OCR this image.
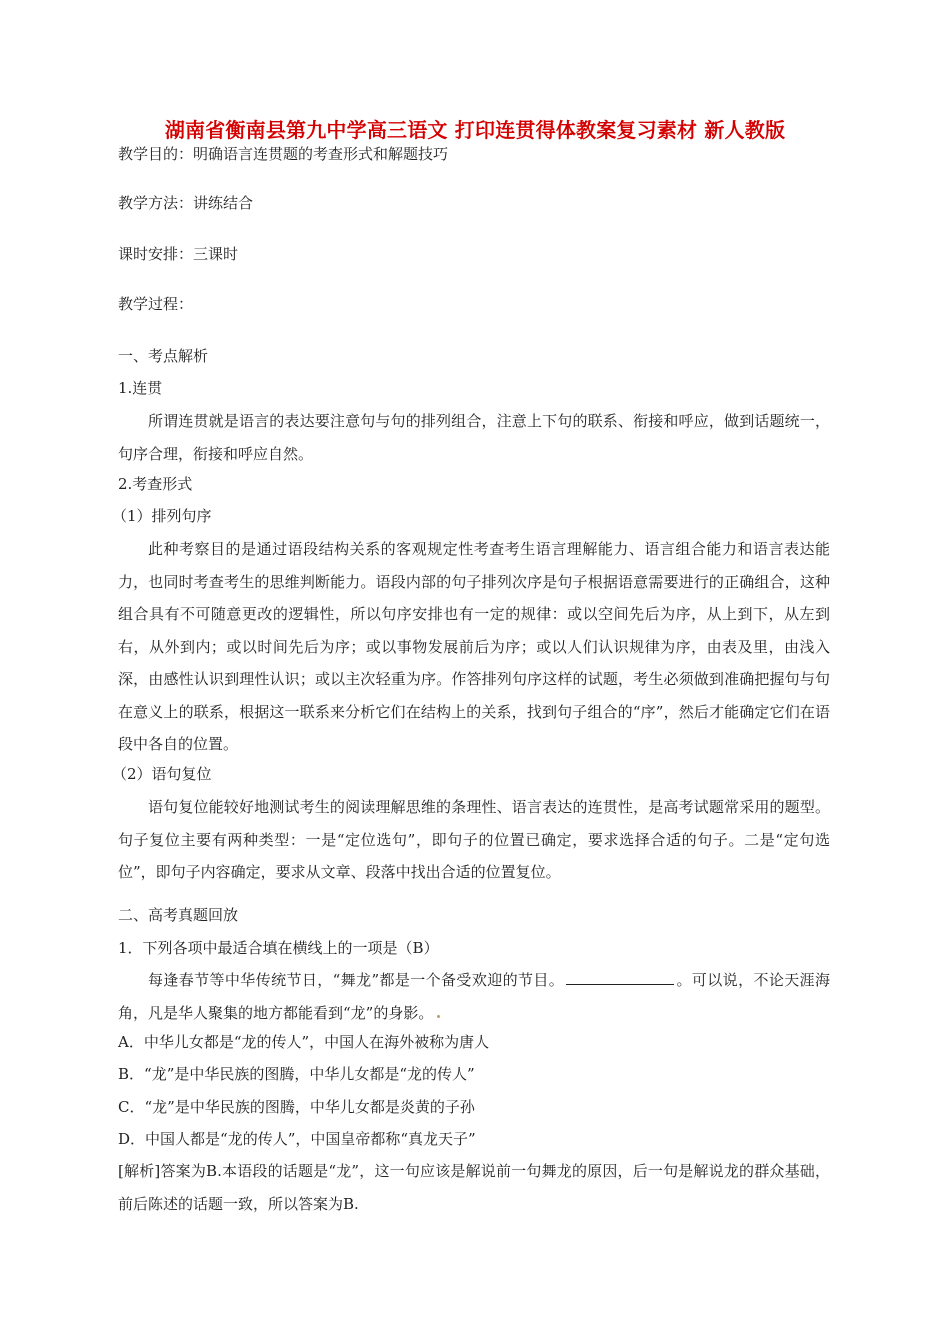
湖南省衡南县第九中学高三语文 打印连贯得体教案复习素材 新人教版
教学目的：明确语言连贯题的考查形式和解题技巧
教学方法：讲练结合
课时安排：三课时
教学过程：
一、考点解析
1.连贯
所谓连贯就是语言的表达要注意句与句的排列组合，注意上下句的联系、衔接和呼应，做到话题统一，句序合理，衔接和呼应自然。
2.考查形式
（1）排列句序
此种考察目的是通过语段结构关系的客观规定性考查考生语言理解能力、语言组合能力和语言表达能力，也同时考查考生的思维判断能力。语段内部的句子排列次序是句子根据语意需要进行的正确组合，这种组合具有不可随意更改的逻辑性，所以句序安排也有一定的规律：或以空间先后为序，从上到下，从左到右，从外到内；或以时间先后为序；或以事物发展前后为序；或以人们认识规律为序，由表及里，由浅入深，由感性认识到理性认识；或以主次轻重为序。作答排列句序这样的试题，考生必须做到准确把握句与句在意义上的联系，根据这一联系来分析它们在结构上的关系，找到句子组合的“序”，然后才能确定它们在语段中各自的位置。
（2）语句复位
语句复位能较好地测试考生的阅读理解思维的条理性、语言表达的连贯性，是高考试题常采用的题型。句子复位主要有两种类型：一是“定位选句”，即句子的位置已确定，要求选择合适的句子。二是“定句选位”，即句子内容确定，要求从文章、段落中找出合适的位置复位。
二、高考真题回放
1．下列各项中最适合填在横线上的一项是（B）
每逢春节等中华传统节日，“舞龙”都是一个备受欢迎的节目。	。可以说，不论天涯海角，凡是华人聚集的地方都能看到“龙”的身影。
A．中华儿女都是“龙的传人”，中国人在海外被称为唐人
B．“龙”是中华民族的图腾，中华儿女都是“龙的传人”
C．“龙”是中华民族的图腾，中华儿女都是炎黄的子孙
D．中国人都是“龙的传人”，中国皇帝都称“真龙天子”
[解析]答案为B.本语段的话题是“龙”，这一句应该是解说前一句舞龙的原因，后一句是解说龙的群众基础，前后陈述的话题一致，所以答案为B.
